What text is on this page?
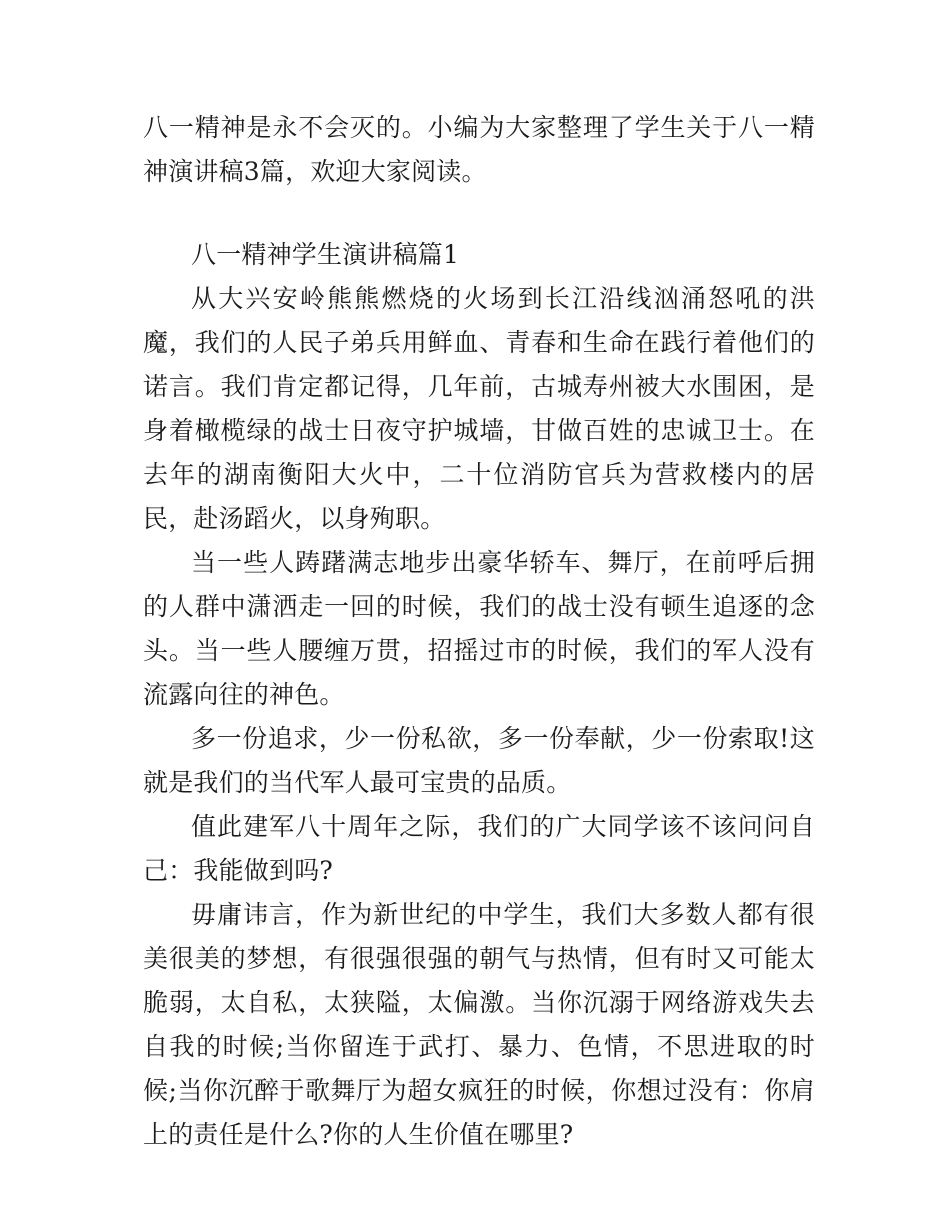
八一精神是永不会灭的。小编为大家整理了学生关于八一精神演讲稿3篇，欢迎大家阅读。

八一精神学生演讲稿篇1

从大兴安岭熊熊燃烧的火场到长江沿线汹涌怒吼的洪魔，我们的人民子弟兵用鲜血、青春和生命在践行着他们的诺言。我们肯定都记得，几年前，古城寿州被大水围困，是身着橄榄绿的战士日夜守护城墙，甘做百姓的忠诚卫士。在去年的湖南衡阳大火中，二十位消防官兵为营救楼内的居民，赴汤蹈火，以身殉职。

当一些人踌躇满志地步出豪华轿车、舞厅，在前呼后拥的人群中潇洒走一回的时候，我们的战士没有顿生追逐的念头。当一些人腰缠万贯，招摇过市的时候，我们的军人没有流露向往的神色。

多一份追求，少一份私欲，多一份奉献，少一份索取!这就是我们的当代军人最可宝贵的品质。

值此建军八十周年之际，我们的广大同学该不该问问自己：我能做到吗?

毋庸讳言，作为新世纪的中学生，我们大多数人都有很美很美的梦想，有很强很强的朝气与热情，但有时又可能太脆弱，太自私，太狭隘，太偏激。当你沉溺于网络游戏失去自我的时候;当你留连于武打、暴力、色情，不思进取的时候;当你沉醉于歌舞厅为超女疯狂的时候，你想过没有：你肩上的责任是什么?你的人生价值在哪里?
